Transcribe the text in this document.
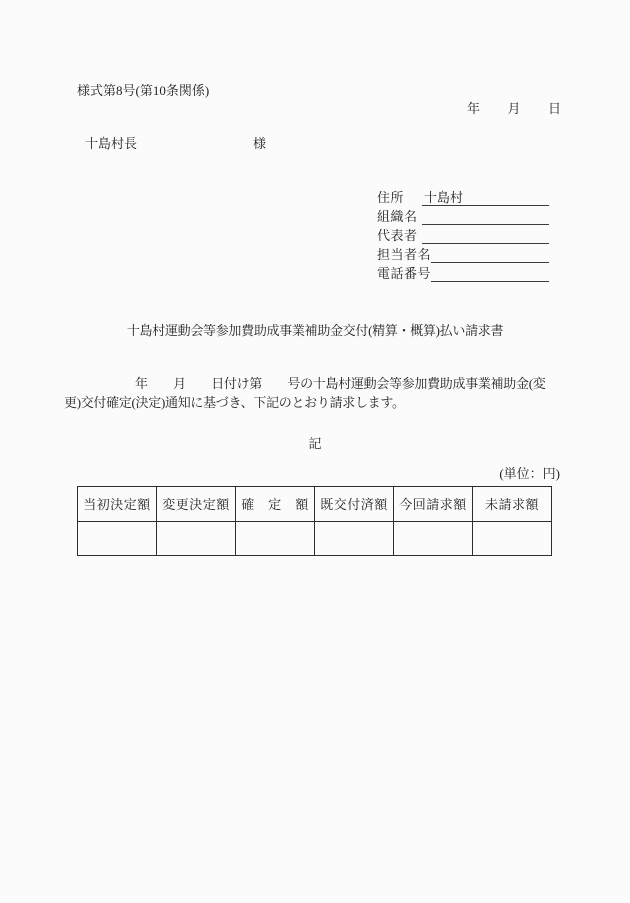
様式第8号(第10条関係)
年　　月　　日
十島村長	様
住所	十島村
組織名
代表者
担当者名
電話番号
十島村運動会等参加費助成事業補助金交付(精算・概算)払い請求書
年　　月　　日付け第　　号の十島村運動会等参加費助成事業補助金(変
更)交付確定(決定)通知に基づき、下記のとおり請求します。
記
(単位：円)
当初決定額	変更決定額	確　定　額	既交付済額	今回請求額	未請求額
